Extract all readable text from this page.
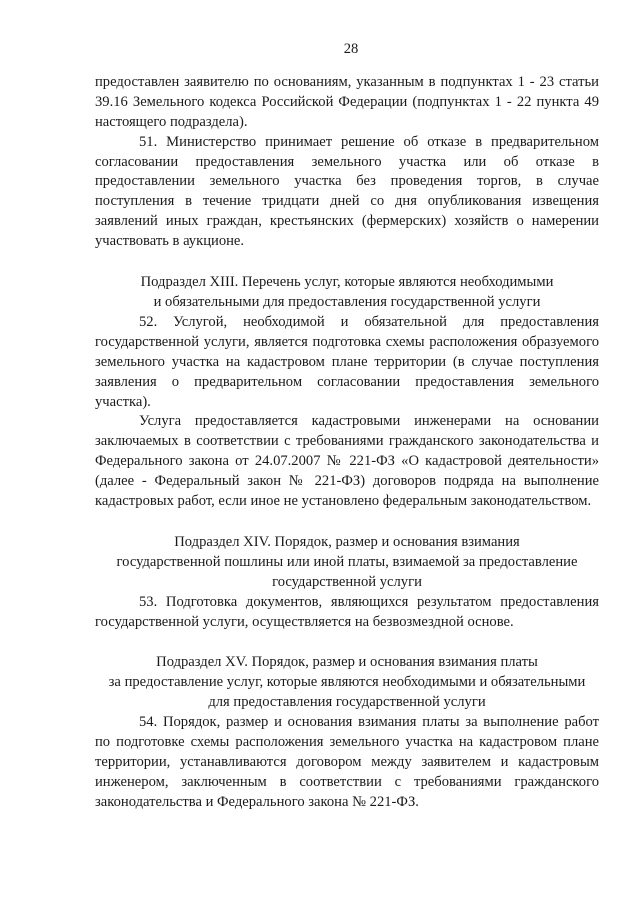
28

предоставлен заявителю по основаниям, указанным в подпунктах 1 - 23 статьи 39.16 Земельного кодекса Российской Федерации (подпунктах 1 - 22 пункта 49 настоящего подраздела).

51. Министерство принимает решение об отказе в предварительном согласовании предоставления земельного участка или об отказе в предоставлении земельного участка без проведения торгов, в случае поступления в течение тридцати дней со дня опубликования извещения заявлений иных граждан, крестьянских (фермерских) хозяйств о намерении участвовать в аукционе.

Подраздел XIII. Перечень услуг, которые являются необходимыми
и обязательными для предоставления государственной услуги

52. Услугой, необходимой и обязательной для предоставления государственной услуги, является подготовка схемы расположения образуемого земельного участка на кадастровом плане территории (в случае поступления заявления о предварительном согласовании предоставления земельного участка).

Услуга предоставляется кадастровыми инженерами на основании заключаемых в соответствии с требованиями гражданского законодательства и Федерального закона от 24.07.2007 № 221-ФЗ «О кадастровой деятельности» (далее - Федеральный закон № 221-ФЗ) договоров подряда на выполнение кадастровых работ, если иное не установлено федеральным законодательством.

Подраздел XIV. Порядок, размер и основания взимания
государственной пошлины или иной платы, взимаемой за предоставление
государственной услуги

53. Подготовка документов, являющихся результатом предоставления государственной услуги, осуществляется на безвозмездной основе.

Подраздел XV. Порядок, размер и основания взимания платы
за предоставление услуг, которые являются необходимыми и обязательными
для предоставления государственной услуги

54. Порядок, размер и основания взимания платы за выполнение работ по подготовке схемы расположения земельного участка на кадастровом плане территории, устанавливаются договором между заявителем и кадастровым инженером, заключенным в соответствии с требованиями гражданского законодательства и Федерального закона № 221-ФЗ.
